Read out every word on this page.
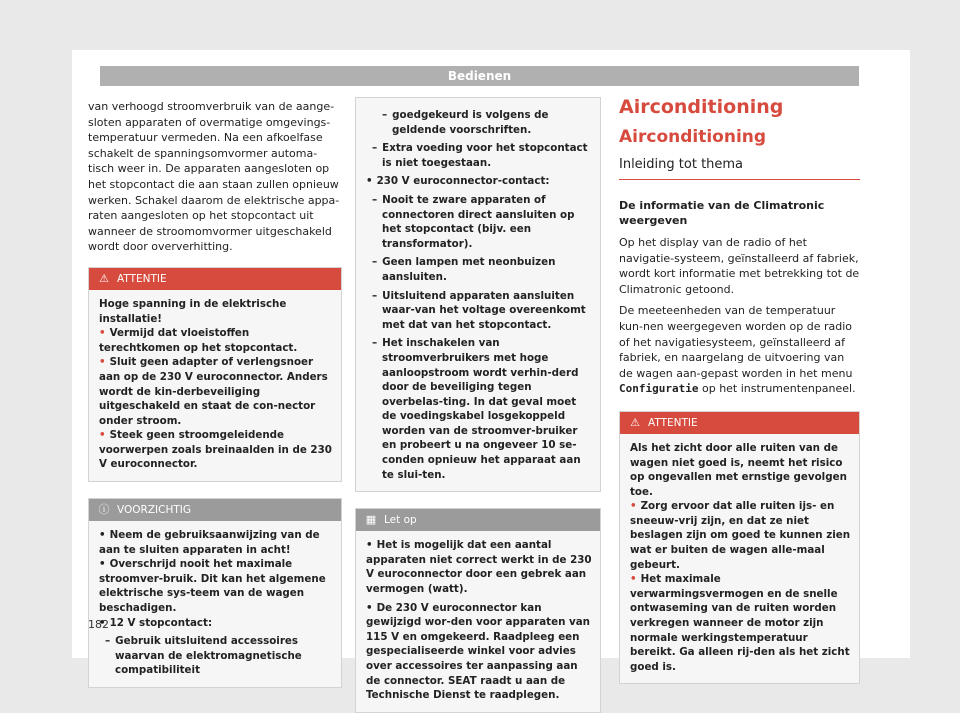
Bedienen

van verhoogd stroomverbruik van de aange-sloten apparaten of overmatige omgevings-temperatuur vermeden. Na een afkoelfase schakelt de spanningsomvormer automa-tisch weer in. De apparaten aangesloten op het stopcontact die aan staan zullen opnieuw werken. Schakel daarom de elektrische appa-raten aangesloten op het stopcontact uit wanneer de stroomomvormer uitgeschakeld wordt door oververhitting.

⚠ ATTENTIE
Hoge spanning in de elektrische installatie!
• Vermijd dat vloeistoffen terechtkomen op het stopcontact.
• Sluit geen adapter of verlengsnoer aan op de 230 V euroconnector. Anders wordt de kin-derbeveiliging uitgeschakeld en staat de con-nector onder stroom.
• Steek geen stroomgeleidende voorwerpen zoals breinaalden in de 230 V euroconnector.
ⓘ VOORZICHTIG
• Neem de gebruiksaanwijzing van de aan te sluiten apparaten in acht!
• Overschrijd nooit het maximale stroomver-bruik. Dit kan het algemene elektrische sys-teem van de wagen beschadigen.
• 12 V stopcontact:
– Gebruik uitsluitend accessoires waarvan de elektromagnetische compatibiliteit
– goedgekeurd is volgens de geldende voorschriften.
– Extra voeding voor het stopcontact is niet toegestaan.
• 230 V euroconnector-contact:
– Nooit te zware apparaten of connectoren direct aansluiten op het stopcontact (bijv. een transformator).
– Geen lampen met neonbuizen aansluiten.
– Uitsluitend apparaten aansluiten waar-van het voltage overeenkomt met dat van het stopcontact.
– Het inschakelen van stroomverbruikers met hoge aanloopstroom wordt verhin-derd door de beveiliging tegen overbelas-ting. In dat geval moet de voedingskabel losgekoppeld worden van de stroomver-bruiker en probeert u na ongeveer 10 se-conden opnieuw het apparaat aan te slui-ten.
▦ Let op
• Het is mogelijk dat een aantal apparaten niet correct werkt in de 230 V euroconnector door een gebrek aan vermogen (watt).
• De 230 V euroconnector kan gewijzigd wor-den voor apparaten van 115 V en omgekeerd. Raadpleeg een gespecialiseerde winkel voor advies over accessoires ter aanpassing aan de connector. SEAT raadt u aan de Technische Dienst te raadplegen.
Airconditioning
Airconditioning
Inleiding tot thema

De informatie van de Climatronic weergeven

Op het display van de radio of het navigatie-systeem, geïnstalleerd af fabriek, wordt kort informatie met betrekking tot de Climatronic getoond.

De meeteenheden van de temperatuur kun-nen weergegeven worden op de radio of het navigatiesysteem, geïnstalleerd af fabriek, en naargelang de uitvoering van de wagen aan-gepast worden in het menu Configuratie op het instrumentenpaneel.

⚠ ATTENTIE
Als het zicht door alle ruiten van de wagen niet goed is, neemt het risico op ongevallen met ernstige gevolgen toe.
• Zorg ervoor dat alle ruiten ijs- en sneeuw-vrij zijn, en dat ze niet beslagen zijn om goed te kunnen zien wat er buiten de wagen alle-maal gebeurt.
• Het maximale verwarmingsvermogen en de snelle ontwaseming van de ruiten worden verkregen wanneer de motor zijn normale werkingstemperatuur bereikt. Ga alleen rij-den als het zicht goed is.
182
